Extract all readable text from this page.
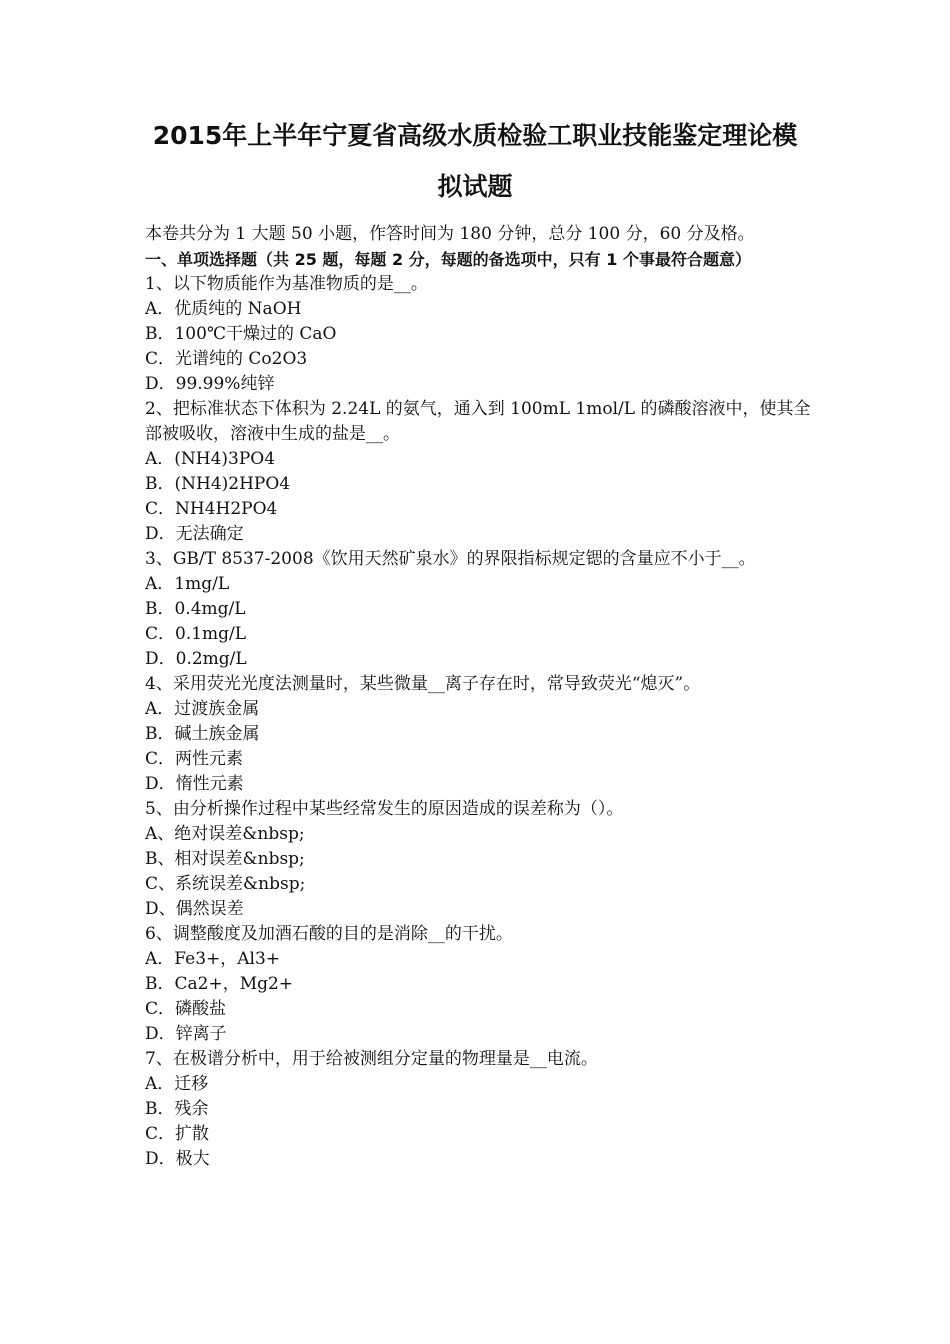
2015年上半年宁夏省高级水质检验工职业技能鉴定理论模
拟试题
本卷共分为 1 大题 50 小题，作答时间为 180 分钟，总分 100 分，60 分及格。
一、单项选择题（共 25 题，每题 2 分，每题的备选项中，只有 1 个事最符合题意）
1、以下物质能作为基准物质的是__。
A．优质纯的 NaOH
B．100℃干燥过的 CaO
C．光谱纯的 Co2O3
D．99.99%纯锌
2、把标准状态下体积为 2.24L 的氨气，通入到 100mL 1mol/L 的磷酸溶液中，使其全部被吸收，溶液中生成的盐是__。
A．(NH4)3PO4
B．(NH4)2HPO4
C．NH4H2PO4
D．无法确定
3、GB/T 8537-2008《饮用天然矿泉水》的界限指标规定锶的含量应不小于__。
A．1mg/L
B．0.4mg/L
C．0.1mg/L
D．0.2mg/L
4、采用荧光光度法测量时，某些微量__离子存在时，常导致荧光“熄灭”。
A．过渡族金属
B．碱土族金属
C．两性元素
D．惰性元素
5、由分析操作过程中某些经常发生的原因造成的误差称为（）。
A、绝对误差&nbsp;
B、相对误差&nbsp;
C、系统误差&nbsp;
D、偶然误差
6、调整酸度及加酒石酸的目的是消除__的干扰。
A．Fe3+，Al3+
B．Ca2+，Mg2+
C．磷酸盐
D．锌离子
7、在极谱分析中，用于给被测组分定量的物理量是__电流。
A．迁移
B．残余
C．扩散
D．极大
